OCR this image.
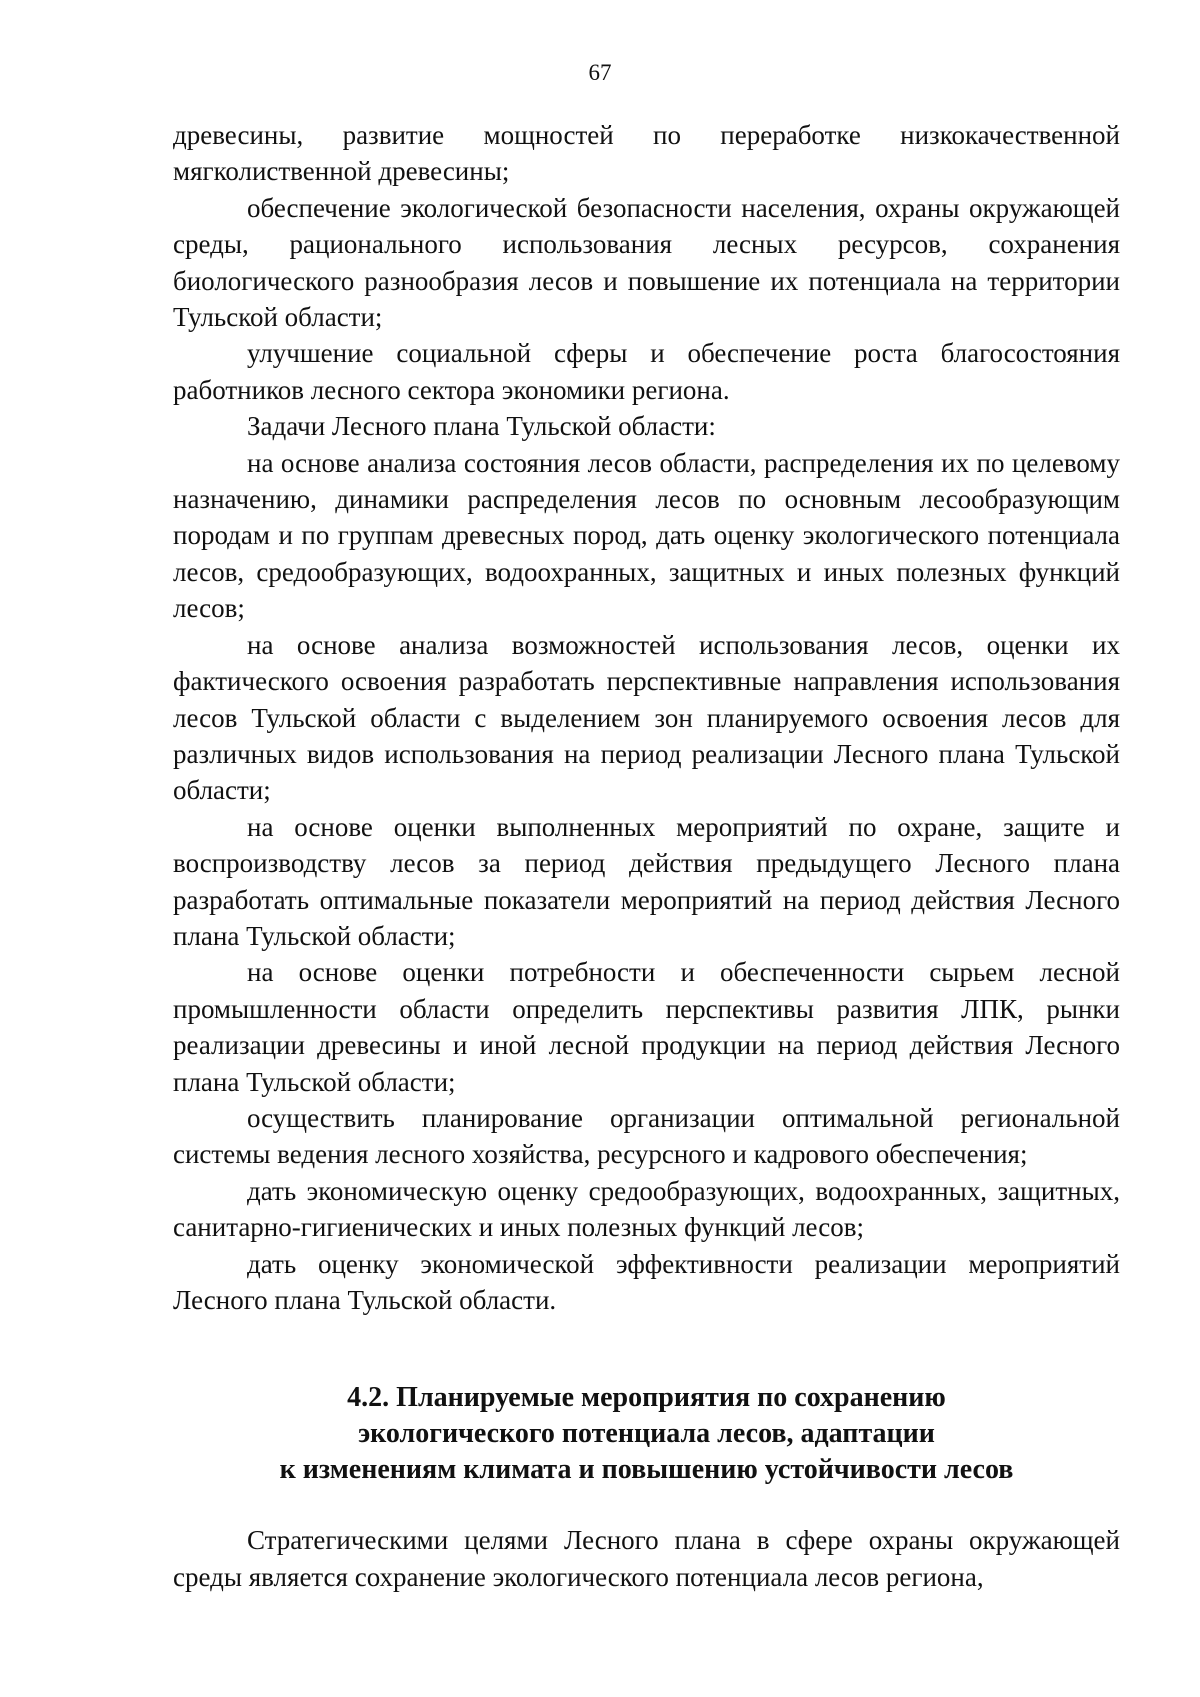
67

древесины, развитие мощностей по переработке низкокачественной мягколиственной древесины;

обеспечение экологической безопасности населения, охраны окружающей среды, рационального использования лесных ресурсов, сохранения биологического разнообразия лесов и повышение их потенциала на территории Тульской области;

улучшение социальной сферы и обеспечение роста благосостояния работников лесного сектора экономики региона.

Задачи Лесного плана Тульской области:

на основе анализа состояния лесов области, распределения их по целевому назначению, динамики распределения лесов по основным лесообразующим породам и по группам древесных пород, дать оценку экологического потенциала лесов, средообразующих, водоохранных, защитных и иных полезных функций лесов;

на основе анализа возможностей использования лесов, оценки их фактического освоения разработать перспективные направления использования лесов Тульской области с выделением зон планируемого освоения лесов для различных видов использования на период реализации Лесного плана Тульской области;

на основе оценки выполненных мероприятий по охране, защите и воспроизводству лесов за период действия предыдущего Лесного плана разработать оптимальные показатели мероприятий на период действия Лесного плана Тульской области;

на основе оценки потребности и обеспеченности сырьем лесной промышленности области определить перспективы развития ЛПК, рынки реализации древесины и иной лесной продукции на период действия Лесного плана Тульской области;

осуществить планирование организации оптимальной региональной системы ведения лесного хозяйства, ресурсного и кадрового обеспечения;

дать экономическую оценку средообразующих, водоохранных, защитных, санитарно-гигиенических и иных полезных функций лесов;

дать оценку экономической эффективности реализации мероприятий Лесного плана Тульской области.

4.2. Планируемые мероприятия по сохранению
экологического потенциала лесов, адаптации
к изменениям климата и повышению устойчивости лесов

Стратегическими целями Лесного плана в сфере охраны окружающей среды является сохранение экологического потенциала лесов региона,
